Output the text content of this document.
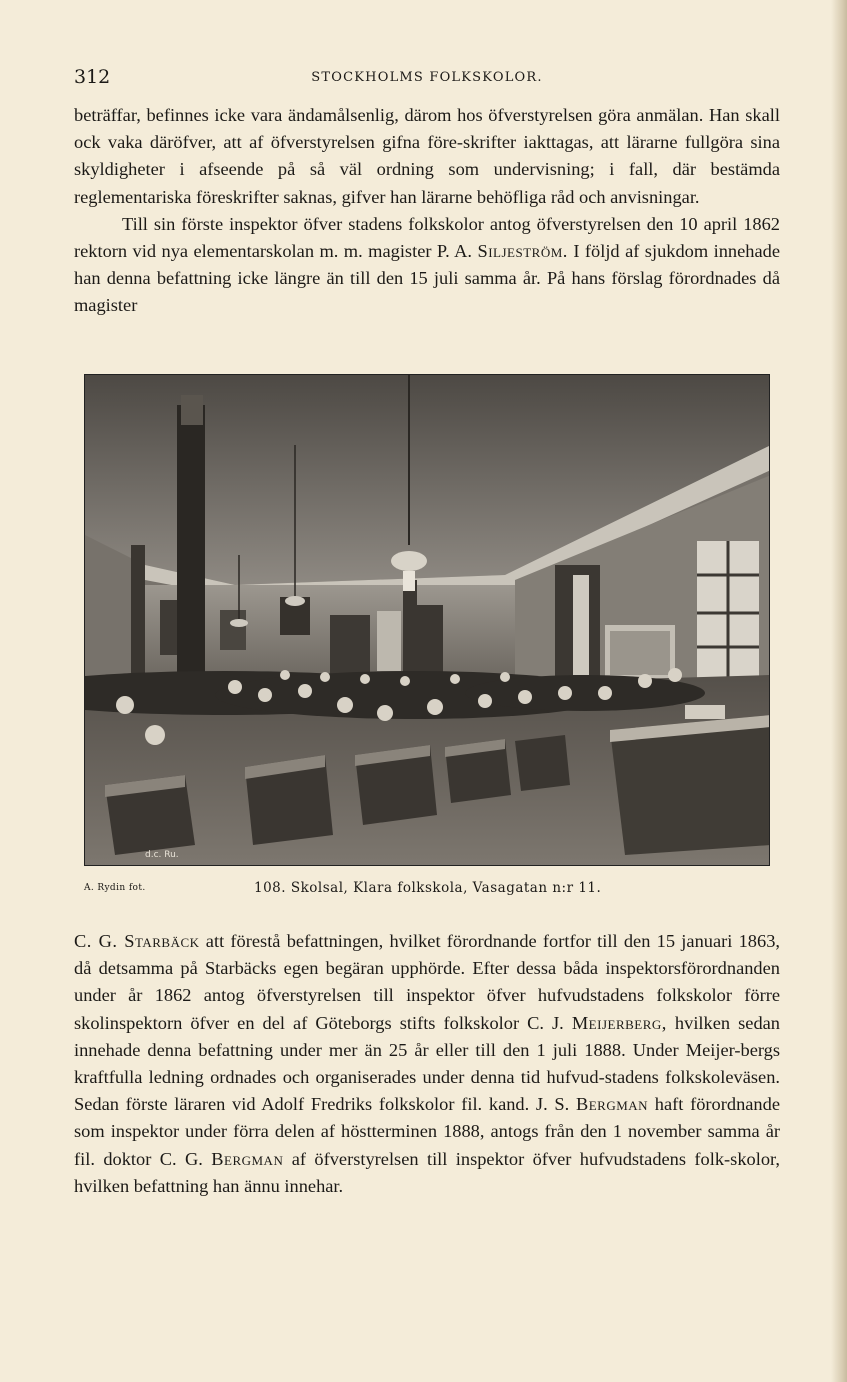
312	STOCKHOLMS FOLKSKOLOR.

beträffar, befinnes icke vara ändamålsenlig, därom hos öfverstyrelsen göra anmälan. Han skall ock vaka däröfver, att af öfverstyrelsen gifna före-skrifter iakttagas, att lärarne fullgöra sina skyldigheter i afseende på så väl ordning som undervisning; i fall, där bestämda reglementariska föreskrifter saknas, gifver han lärarne behöfliga råd och anvisningar.

Till sin förste inspektor öfver stadens folkskolor antog öfverstyrelsen den 10 april 1862 rektorn vid nya elementarskolan m. m. magister P. A. Siljeström. I följd af sjukdom innehade han denna befattning icke längre än till den 15 juli samma år. På hans förslag förordnades då magister

d.c. Ru.
A. Rydin fot.	108. Skolsal, Klara folkskola, Vasagatan n:r 11.

C. G. Starbäck att förestå befattningen, hvilket förordnande fortfor till den 15 januari 1863, då detsamma på Starbäcks egen begäran upphörde. Efter dessa båda inspektorsförordnanden under år 1862 antog öfverstyrelsen till inspektor öfver hufvudstadens folkskolor förre skolinspektorn öfver en del af Göteborgs stifts folkskolor C. J. Meijerberg, hvilken sedan innehade denna befattning under mer än 25 år eller till den 1 juli 1888. Under Meijer-bergs kraftfulla ledning ordnades och organiserades under denna tid hufvud-stadens folkskoleväsen. Sedan förste läraren vid Adolf Fredriks folkskolor fil. kand. J. S. Bergman haft förordnande som inspektor under förra delen af höstterminen 1888, antogs från den 1 november samma år fil. doktor C. G. Bergman af öfverstyrelsen till inspektor öfver hufvudstadens folk-skolor, hvilken befattning han ännu innehar.
